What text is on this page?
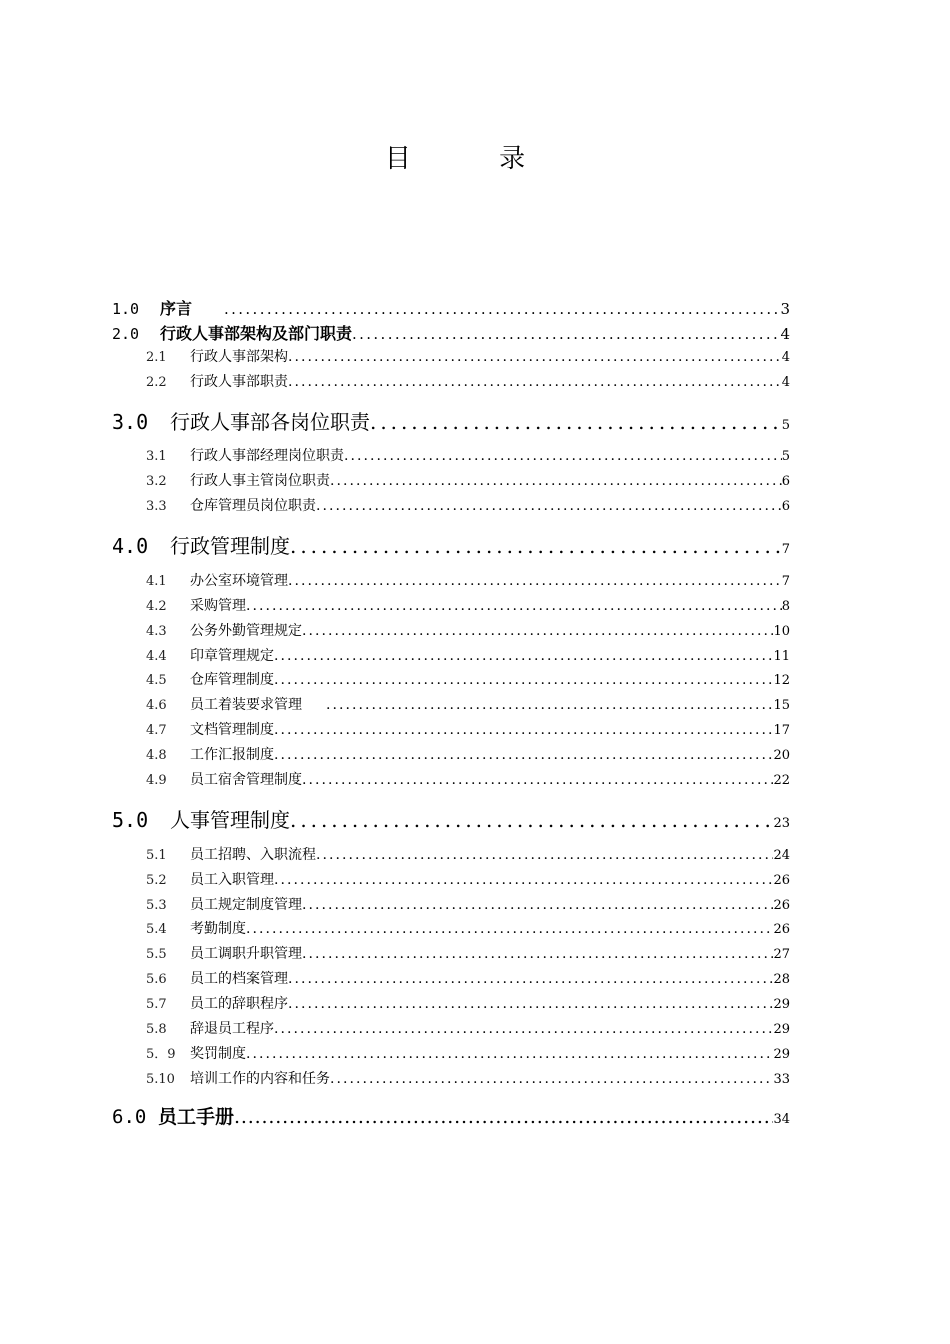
目 录
1.0	序言 . . .	3
2.0	行政人事部架构及部门职责 . . .	4
2.1	行政人事部架构 . . .	4
2.2	行政人事部职责 . . .	4
3.0	行政人事部各岗位职责 . . .	5
3.1	行政人事部经理岗位职责 . . .	5
3.2	行政人事主管岗位职责 . . .	6
3.3	仓库管理员岗位职责 . . .	6
4.0	行政管理制度 . . .	7
4.1	办公室环境管理 . . .	7
4.2	采购管理 . . .	8
4.3	公务外勤管理规定 . . .	10
4.4	印章管理规定 . . .	11
4.5	仓库管理制度 . . .	12
4.6	员工着装要求管理 . . .	15
4.7	文档管理制度 . . .	17
4.8	工作汇报制度 . . .	20
4.9	员工宿舍管理制度 . . .	22
5.0	人事管理制度 . . .	23
5.1	员工招聘、入职流程 . . .	24
5.2	员工入职管理 . . .	26
5.3	员工规定制度管理 . . .	26
5.4	考勤制度 . . .	26
5.5	员工调职升职管理 . . .	27
5.6	员工的档案管理 . . .	28
5.7	员工的辞职程序 . . .	29
5.8	辞退员工程序 . . .	29
5．9	奖罚制度 . . .	29
5.10	培训工作的内容和任务 . . .	33
6.0 员工手册 . . .	34
